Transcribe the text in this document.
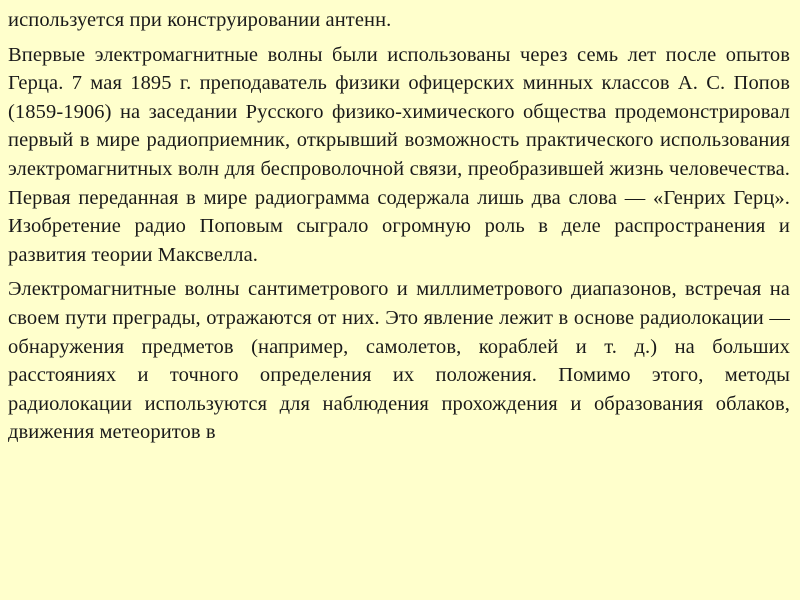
используется при конструировании антенн.

Впервые электромагнитные волны были использованы через семь лет после опытов Герца. 7 мая 1895 г. преподаватель физики офицерских минных классов А. С. Попов (1859-1906) на заседании Русского физико-химического общества продемонстрировал первый в мире радиоприемник, открывший возможность практического использования электромагнитных волн для беспроволочной связи, преобразившей жизнь человечества. Первая переданная в мире радиограмма содержала лишь два слова — «Генрих Герц». Изобретение радио Поповым сыграло огромную роль в деле распространения и развития теории Максвелла.

Электромагнитные волны сантиметрового и миллиметрового диапазонов, встречая на своем пути преграды, отражаются от них. Это явление лежит в основе радиолокации — обнаружения предметов (например, самолетов, кораблей и т. д.) на больших расстояниях и точного определения их положения. Помимо этого, методы радиолокации используются для наблюдения прохождения и образования облаков, движения метеоритов в
